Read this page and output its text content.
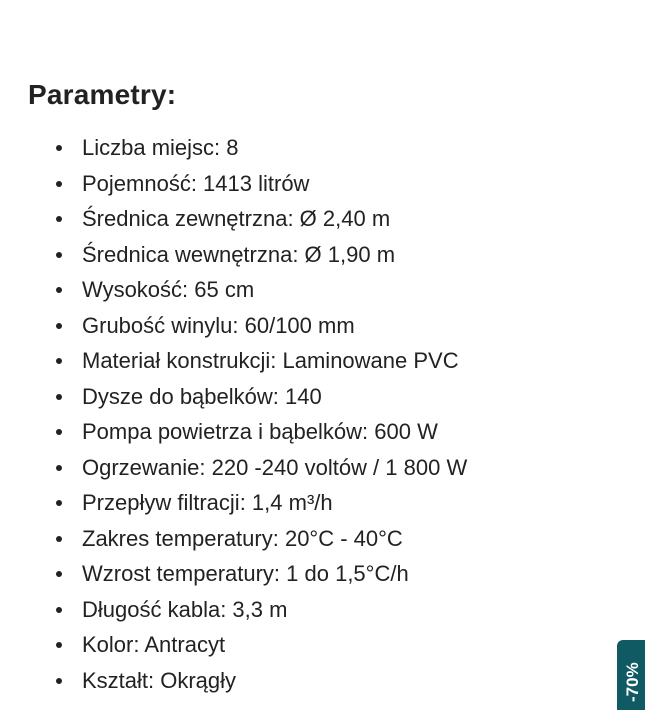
Parametry:
Liczba miejsc: 8
Pojemność: 1413 litrów
Średnica zewnętrzna: Ø 2,40 m
Średnica wewnętrzna: Ø 1,90 m
Wysokość: 65 cm
Grubość winylu: 60/100 mm
Materiał konstrukcji: Laminowane PVC
Dysze do bąbelków: 140
Pompa powietrza i bąbelków: 600 W
Ogrzewanie: 220 -240 voltów / 1 800 W
Przepływ filtracji: 1,4 m³/h
Zakres temperatury: 20°C - 40°C
Wzrost temperatury: 1 do 1,5°C/h
Długość kabla: 3,3 m
Kolor: Antracyt
Kształt: Okrągły	-70%
